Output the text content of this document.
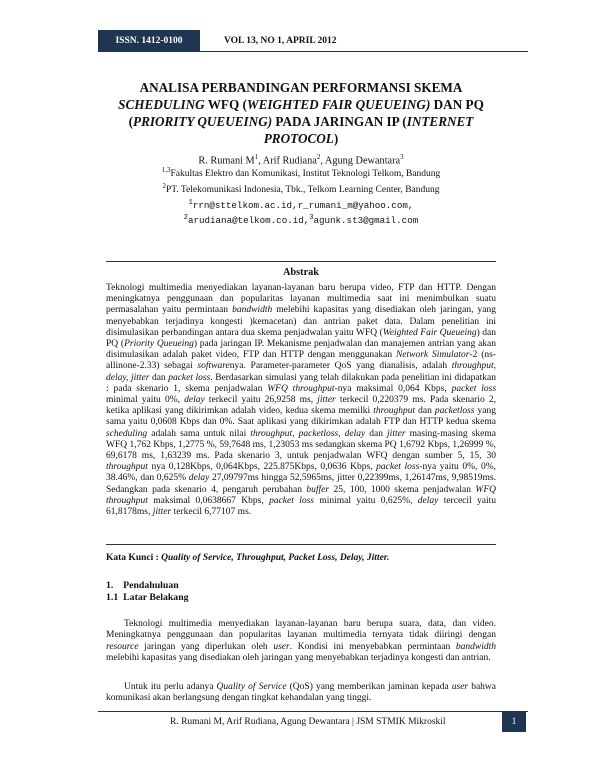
ISSN. 1412-0100	VOL 13, NO 1, APRIL 2012
ANALISA PERBANDINGAN PERFORMANSI SKEMA
SCHEDULING WFQ (WEIGHTED FAIR QUEUEING) DAN PQ
(PRIORITY QUEUEING) PADA JARINGAN IP (INTERNET
PROTOCOL)
R. Rumani $M^1$, Arif Rudiana$^2$, Agung Dewantara$^3$
$^{1,3}$Fakultas Elektro dan Komunikasi, Institut Teknologi Telkom, Bandung
$^2$PT. Telekomunikasi Indonesia, Tbk., Telkom Learning Center, Bandung
$^1$rrn@sttelkom.ac.id,r_rumani_m@yahoo.com,
$^2$arudiana@telkom.co.id,$^3$agunk.st3@gmail.com
Abstrak
Teknologi multimedia menyediakan layanan-layanan baru berupa video, FTP dan HTTP. Dengan meningkatnya penggunaan dan popularitas layanan multimedia saat ini menimbulkan suatu permasalahan yaitu permintaan bandwidth melebihi kapasitas yang disediakan oleh jaringan, yang menyebabkan terjadinya kongesti )kemacetan) dan antrian paket data. Dalam penelitian ini disimulasikan perbandingan antara dua skema penjadwalan yaitu WFQ (Weighted Fair Queueing) dan PQ (Priority Queueing) pada jaringan IP. Mekanisme penjadwalan dan manajemen antrian yang akan disimulasikan adalah paket video, FTP dan HTTP dengan menggunakan Network Simulator-2 (ns-allinone-2.33) sebagai softwarenya. Parameter-parameter QoS yang dianalisis, adalah throughput, delay, jitter dan packet loss. Berdasarkan simulasi yang telah dilakukan pada penelitian ini didapatkan : pada skenario 1, skema penjadwalan WFQ throughput-nya maksimal 0,064 Kbps, packet loss minimal yaitu 0%, delay terkecil yaitu 26,9258 ms, jitter terkecil 0,220379 ms. Pada skenario 2, ketika aplikasi yang dikirimkan adalah video, kedua skema memilki throughput dan packetloss yang sama yaitu 0,0608 Kbps dan 0%. Saat aplikasi yang dikirimkan adalah FTP dan HTTP kedua skema scheduling adalah sama untuk nilai throughput, packetloss, delay dan jitter masing-masing skema WFQ 1,762 Kbps, 1,2775 %, 59,7648 ms, 1,23053 ms sedangkan skema PQ 1,6792 Kbps, 1,26999 %, 69,6178 ms, 1,63239 ms. Pada skenario 3, untuk penjadwalan WFQ dengan sumber 5, 15, 30 throughput nya 0,128Kbps, 0,064Kbps, 225.875Kbps, 0,0636 Kbps, packet loss-nya yaitu 0%, 0%, 38.46%, dan 0,625% delay 27,09797ms hingga 52,5965ms, jitter 0,22399ms, 1,26147ms, 9,98519ms. Sedangkan pada skenario 4, pengaruh perubahan buffer 25, 100, 1000 skema penjadwalan WFQ throughput maksimal 0,0638667 Kbps, packet loss minimal yaitu 0,625%, delay tercecil yaitu 61,8178ms, jitter terkecil 6,77107 ms.
Kata Kunci : Quality of Service, Throughput, Packet Loss, Delay, Jitter.
1.    Pendahuluan
1.1  Latar Belakang
Teknologi multimedia menyediakan layanan-layanan baru berupa suara, data, dan video. Meningkatnya penggunaan dan popularitas layanan multimedia ternyata tidak diiringi dengan resource jaringan yang diperlukan oleh user. Kondisi ini menyebabkan permintaan bandwidth melebihi kapasitas yang disediakan oleh jaringan yang menyebabkan terjadinya kongesti dan antrian.
Untuk itu perlu adanya Quality of Service (QoS) yang memberikan jaminan kepada user bahwa komunikasi akan berlangsung dengan tingkat kehandalan yang tinggi.
R. Rumani M, Arif Rudiana, Agung Dewantara | JSM STMIK Mikroskil	1
